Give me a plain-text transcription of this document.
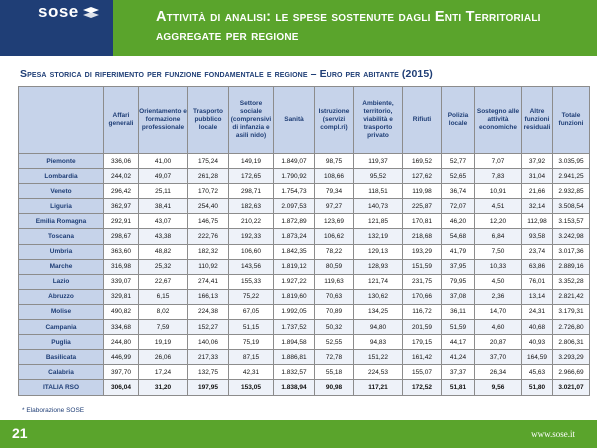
sose	Attività di analisi: le spese sostenute dagli Enti Territoriali aggregate per regione
Spesa storica di riferimento per funzione fondamentale e regione – Euro per abitante (2015)
	Affari generali	Orientamento e formazione professionale	Trasporto pubblico locale	Settore sociale (comprensivi di infanzia e asili nido)	Sanità	Istruzione (servizi compl.ri)	Ambiente, territorio, viabilità e trasporto privato	Rifiuti	Polizia locale	Sostegno alle attività economiche	Altre funzioni residuali	Totale funzioni
Piemonte	336,06	41,00	175,24	149,19	1.849,07	98,75	119,37	169,52	52,77	7,07	37,92	3.035,95
Lombardia	244,02	49,07	261,28	172,65	1.790,92	108,66	95,52	127,62	52,65	7,83	31,04	2.941,25
Veneto	296,42	25,11	170,72	298,71	1.754,73	79,34	118,51	119,98	36,74	10,91	21,66	2.932,85
Liguria	362,97	38,41	254,40	182,63	2.097,53	97,27	140,73	225,87	72,07	4,51	32,14	3.508,54
Emilia Romagna	292,91	43,07	146,75	210,22	1.872,89	123,69	121,85	170,81	46,20	12,20	112,98	3.153,57
Toscana	298,67	43,38	222,76	192,33	1.873,24	106,62	132,19	218,68	54,68	6,84	93,58	3.242,98
Umbria	363,60	48,82	182,32	106,60	1.842,35	78,22	129,13	193,29	41,79	7,50	23,74	3.017,36
Marche	316,98	25,32	110,92	143,56	1.819,12	80,59	128,93	151,59	37,95	10,33	63,86	2.889,16
Lazio	339,07	22,67	274,41	155,33	1.927,22	119,63	121,74	231,75	79,95	4,50	76,01	3.352,28
Abruzzo	329,81	6,15	166,13	75,22	1.819,60	70,63	130,62	170,66	37,08	2,36	13,14	2.821,42
Molise	490,82	8,02	224,38	67,05	1.992,05	70,89	134,25	116,72	36,11	14,70	24,31	3.179,31
Campania	334,68	7,59	152,27	51,15	1.737,52	50,32	94,80	201,59	51,59	4,60	40,68	2.726,80
Puglia	244,80	19,19	140,06	75,19	1.894,58	52,55	94,83	179,15	44,17	20,87	40,93	2.806,31
Basilicata	446,99	26,06	217,33	87,15	1.886,81	72,78	151,22	161,42	41,24	37,70	164,59	3.293,29
Calabria	397,70	17,24	132,75	42,31	1.832,57	55,18	224,53	155,07	37,37	26,34	45,63	2.966,69
ITALIA RSO	306,04	31,20	197,95	153,05	1.838,94	90,98	117,21	172,52	51,81	9,56	51,80	3.021,07
* Elaborazione SOSE
21	www.sose.it
